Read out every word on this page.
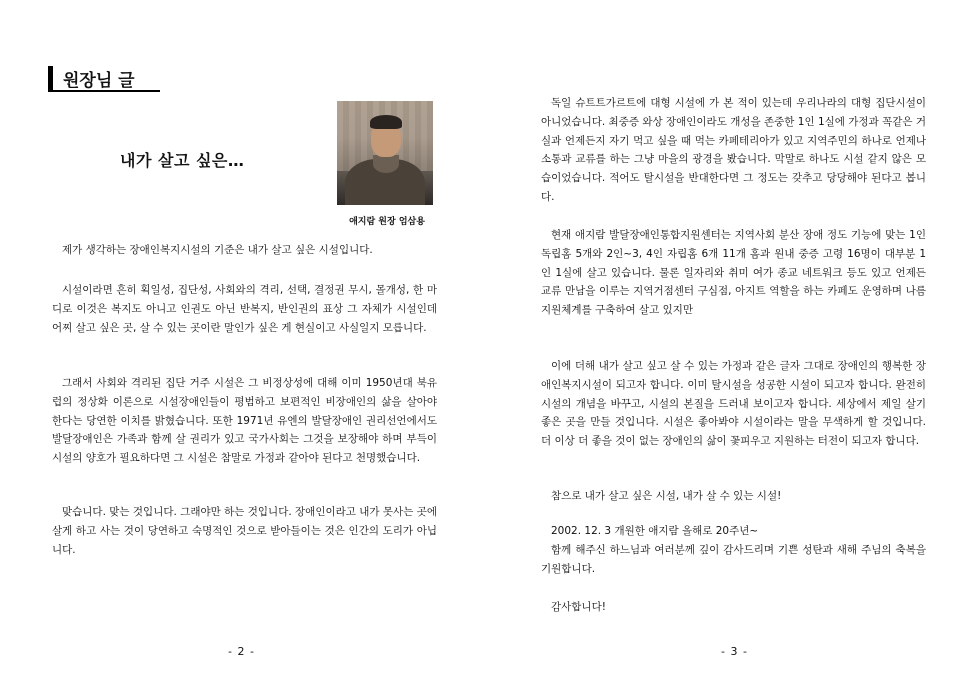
원장님 글
내가 살고 싶은…
애지람 원장 엄삼용

제가 생각하는 장애인복지시설의 기준은 내가 살고 싶은 시설입니다.

시설이라면 흔히 획일성, 집단성, 사회와의 격리, 선택, 결정권 무시, 몰개성, 한 마디로 이것은 복지도 아니고 인권도 아닌 반복지, 반인권의 표상 그 자체가 시설인데 어찌 살고 싶은 곳, 살 수 있는 곳이란 말인가 싶은 게 현실이고 사실일지 모릅니다.

그래서 사회와 격리된 집단 거주 시설은 그 비정상성에 대해 이미 1950년대 북유럽의 정상화 이론으로 시설장애인들이 평범하고 보편적인 비장애인의 삶을 살아야 한다는 당연한 이치를 밝혔습니다. 또한 1971년 유엔의 발달장애인 권리선언에서도 발달장애인은 가족과 함께 살 권리가 있고 국가사회는 그것을 보장해야 하며 부득이 시설의 양호가 필요하다면 그 시설은 참말로 가정과 같아야 된다고 천명했습니다.

맞습니다. 맞는 것입니다. 그래야만 하는 것입니다. 장애인이라고 내가 못사는 곳에 살게 하고 사는 것이 당연하고 숙명적인 것으로 받아들이는 것은 인간의 도리가 아닙니다.

- 2 -

독일 슈트트가르트에 대형 시설에 가 본 적이 있는데 우리나라의 대형 집단시설이 아니었습니다. 최중증 와상 장애인이라도 개성을 존중한 1인 1실에 가정과 꼭같은 거실과 언제든지 자기 먹고 싶을 때 먹는 카페테리아가 있고 지역주민의 하나로 언제나 소통과 교류를 하는 그냥 마을의 광경을 봤습니다. 막말로 하나도 시설 같지 않은 모습이었습니다. 적어도 탈시설을 반대한다면 그 정도는 갖추고 당당해야 된다고 봅니다.

현재 애지람 발달장애인통합지원센터는 지역사회 분산 장애 정도 기능에 맞는 1인 독립홈 5개와 2인~3, 4인 자립홈 6개 11개 홈과 원내 중증 고령 16명이 대부분 1인 1실에 살고 있습니다. 물론 일자리와 취미 여가 종교 네트워크 등도 있고 언제든 교류 만남을 이루는 지역거점센터 구심점, 아지트 역할을 하는 카페도 운영하며 나름 지원체계를 구축하여 살고 있지만

이에 더해 내가 살고 싶고 살 수 있는 가정과 같은 글자 그대로 장애인의 행복한 장애인복지시설이 되고자 합니다. 이미 탈시설을 성공한 시설이 되고자 합니다. 완전히 시설의 개념을 바꾸고, 시설의 본질을 드러내 보이고자 합니다. 세상에서 제일 살기 좋은 곳을 만들 것입니다. 시설은 좋아봐야 시설이라는 말을 무색하게 할 것입니다. 더 이상 더 좋을 것이 없는 장애인의 삶이 꽃피우고 지원하는 터전이 되고자 합니다.

참으로 내가 살고 싶은 시설, 내가 살 수 있는 시설!

2002. 12. 3 개원한 애지람 올해로 20주년~

함께 해주신 하느님과 여러분께 깊이 감사드리며 기쁜 성탄과 새해 주님의 축복을 기원합니다.

감사합니다!

- 3 -
